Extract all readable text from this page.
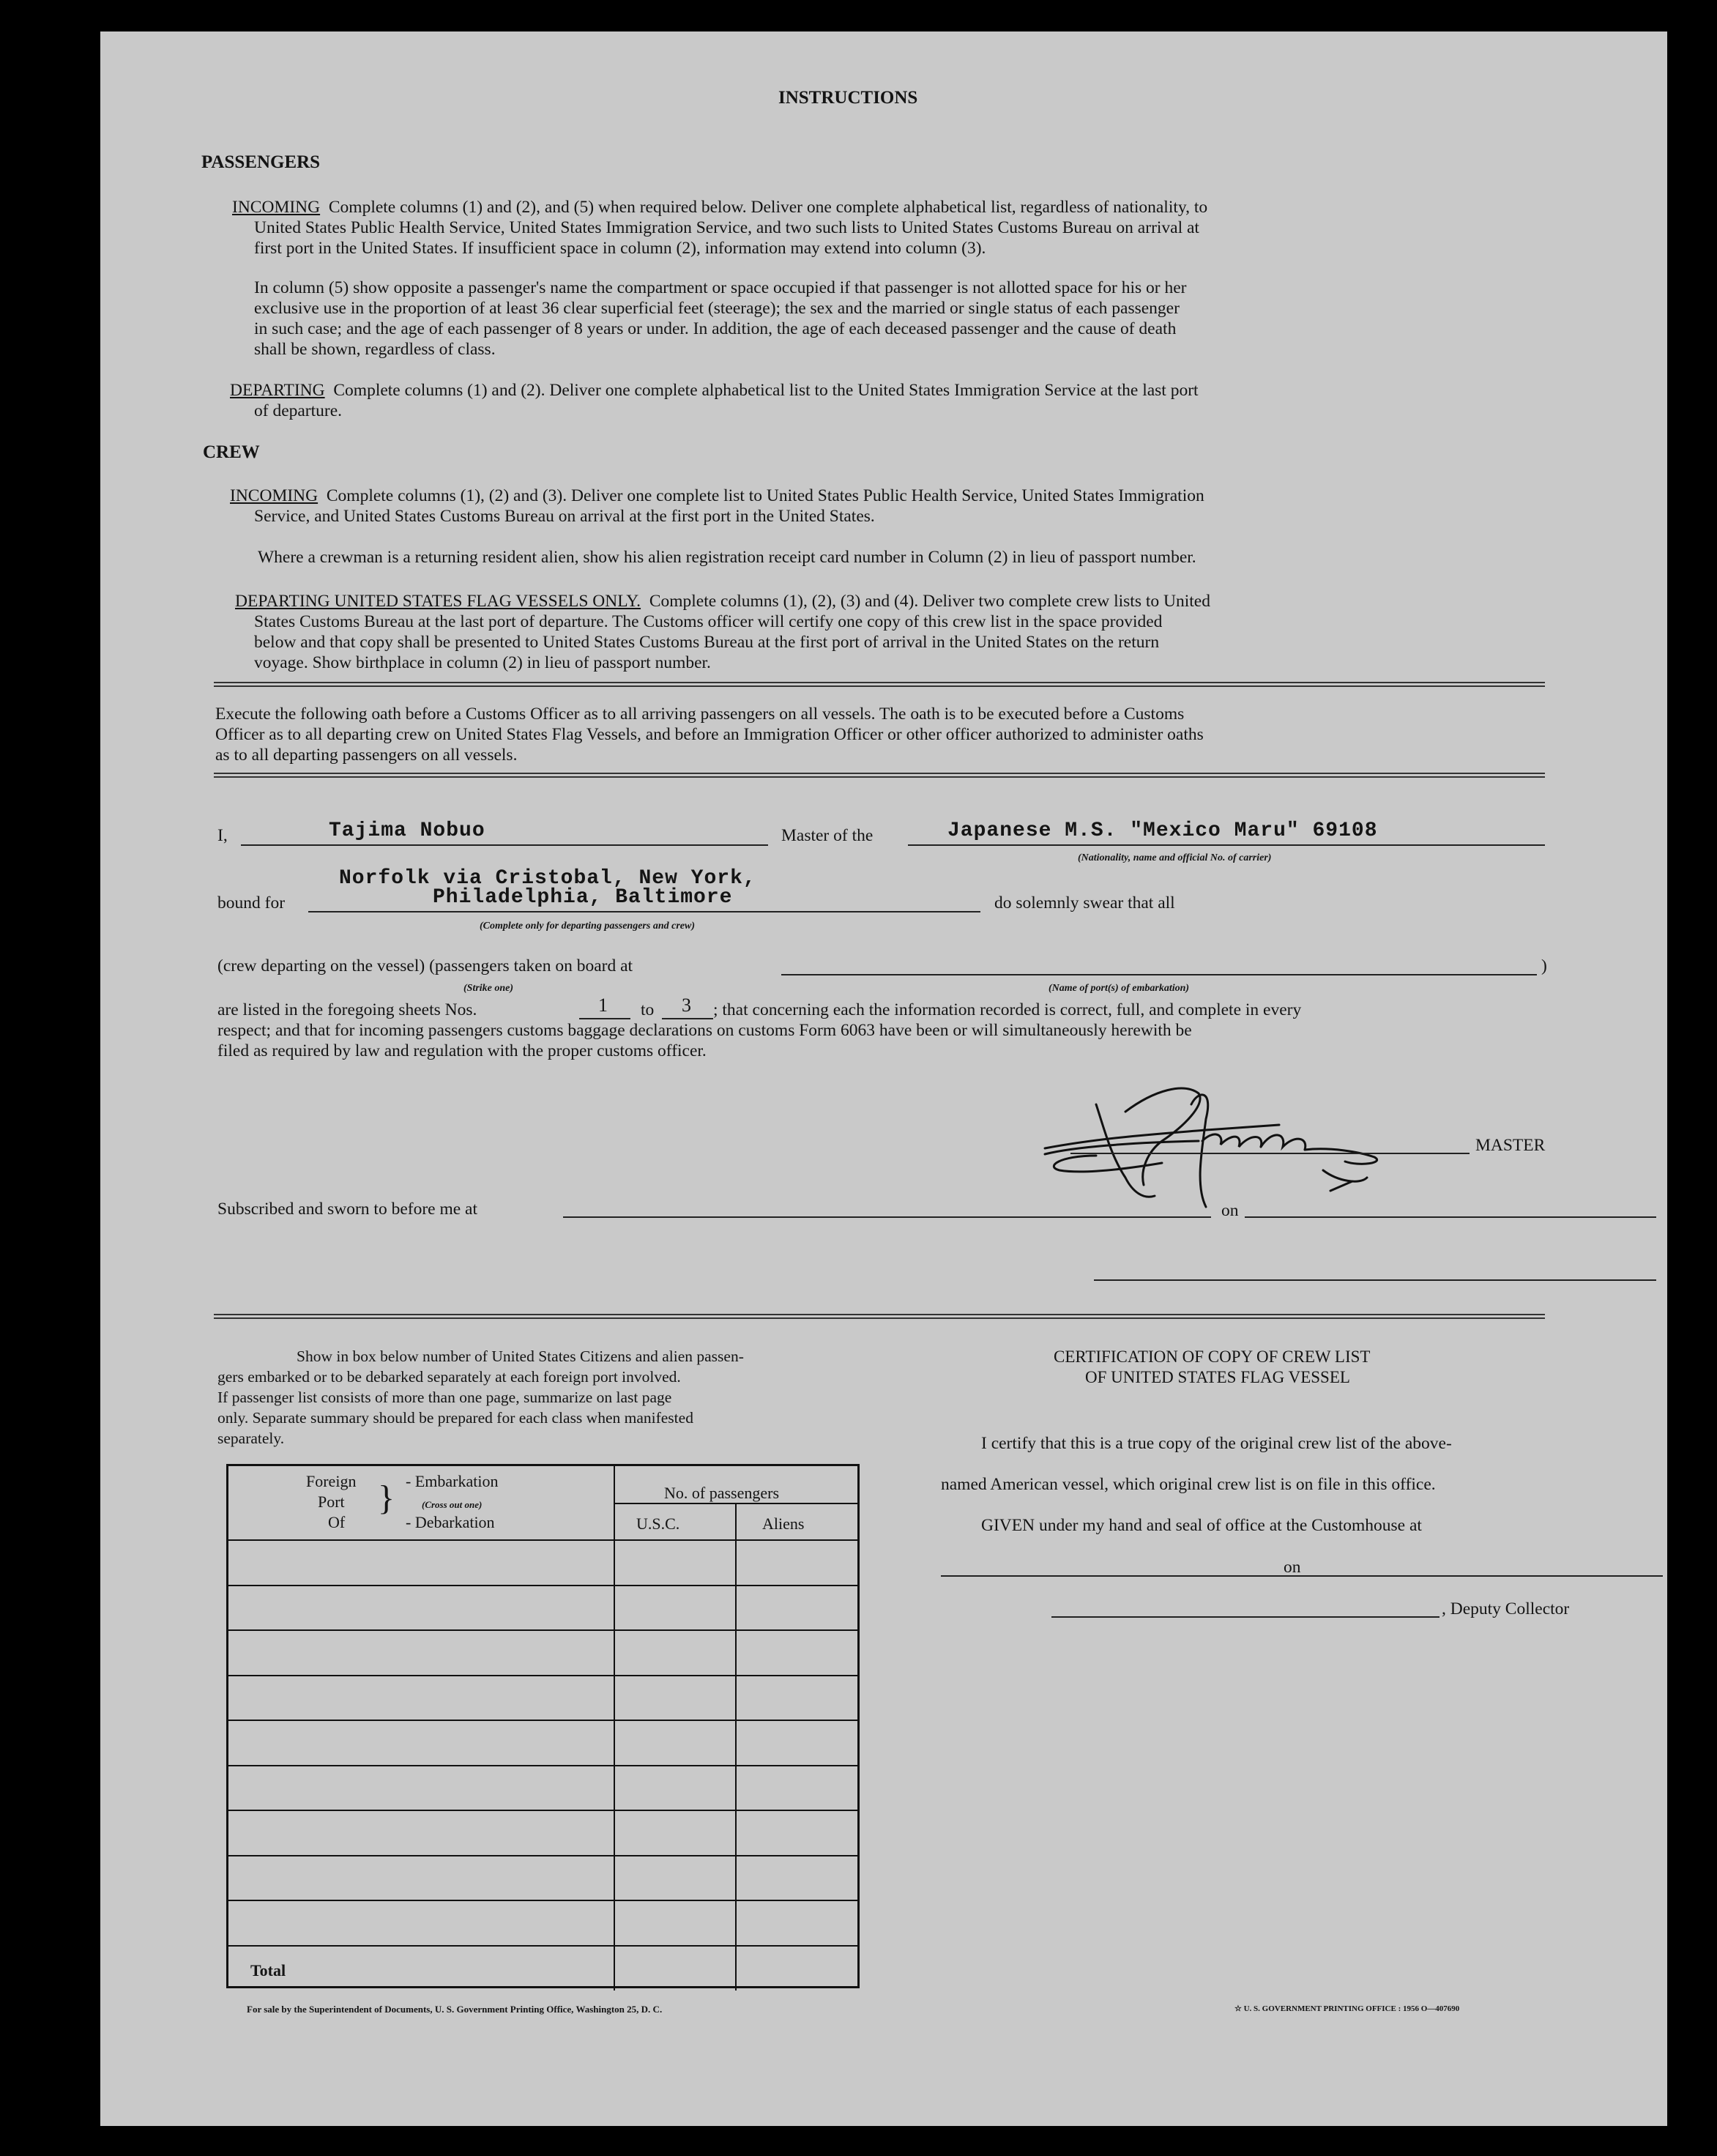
INSTRUCTIONS
PASSENGERS
INCOMING Complete columns (1) and (2), and (5) when required below. Deliver one complete alphabetical list, regardless of nationality, to
United States Public Health Service, United States Immigration Service, and two such lists to United States Customs Bureau on arrival at
first port in the United States. If insufficient space in column (2), information may extend into column (3).
In column (5) show opposite a passenger's name the compartment or space occupied if that passenger is not allotted space for his or her
exclusive use in the proportion of at least 36 clear superficial feet (steerage); the sex and the married or single status of each passenger
in such case; and the age of each passenger of 8 years or under. In addition, the age of each deceased passenger and the cause of death
shall be shown, regardless of class.
DEPARTING Complete columns (1) and (2). Deliver one complete alphabetical list to the United States Immigration Service at the last port
of departure.
CREW
INCOMING Complete columns (1), (2) and (3). Deliver one complete list to United States Public Health Service, United States Immigration
Service, and United States Customs Bureau on arrival at the first port in the United States.
Where a crewman is a returning resident alien, show his alien registration receipt card number in Column (2) in lieu of passport number.
DEPARTING UNITED STATES FLAG VESSELS ONLY. Complete columns (1), (2), (3) and (4). Deliver two complete crew lists to United
States Customs Bureau at the last port of departure. The Customs officer will certify one copy of this crew list in the space provided
below and that copy shall be presented to United States Customs Bureau at the first port of arrival in the United States on the return
voyage. Show birthplace in column (2) in lieu of passport number.
Execute the following oath before a Customs Officer as to all arriving passengers on all vessels. The oath is to be executed before a Customs
Officer as to all departing crew on United States Flag Vessels, and before an Immigration Officer or other officer authorized to administer oaths
as to all departing passengers on all vessels.
I,	Tajima Nobuo	Master of the	Japanese M.S. "Mexico Maru" 69108
(Nationality, name and official No. of carrier)
Norfolk via Cristobal, New York,
bound for	Philadelphia, Baltimore
(Complete only for departing passengers and crew)
do solemnly swear that all
(crew departing on the vessel) (passengers taken on board at	)
(Strike one)	(Name of port(s) of embarkation)
are listed in the foregoing sheets Nos.	1 to 3 ; that concerning each the information recorded is correct, full, and complete in every
respect; and that for incoming passengers customs baggage declarations on customs Form 6063 have been or will simultaneously herewith be
filed as required by law and regulation with the proper customs officer.
MASTER
Subscribed and sworn to before me at	on
Show in box below number of United States Citizens and alien passen-
gers embarked or to be debarked separately at each foreign port involved.
If passenger list consists of more than one page, summarize on last page
only. Separate summary should be prepared for each class when manifested
separately.
Foreign
Port
Of
} - Embarkation
(Cross out one)
- Debarkation
No. of passengers
U.S.C.	Aliens
Total
CERTIFICATION OF COPY OF CREW LIST
OF UNITED STATES FLAG VESSEL
I certify that this is a true copy of the original crew list of the above-
named American vessel, which original crew list is on file in this office.
GIVEN under my hand and seal of office at the Customhouse at
on
, Deputy Collector
For sale by the Superintendent of Documents, U. S. Government Printing Office, Washington 25, D. C.	☆ U. S. GOVERNMENT PRINTING OFFICE : 1956 O—407690
